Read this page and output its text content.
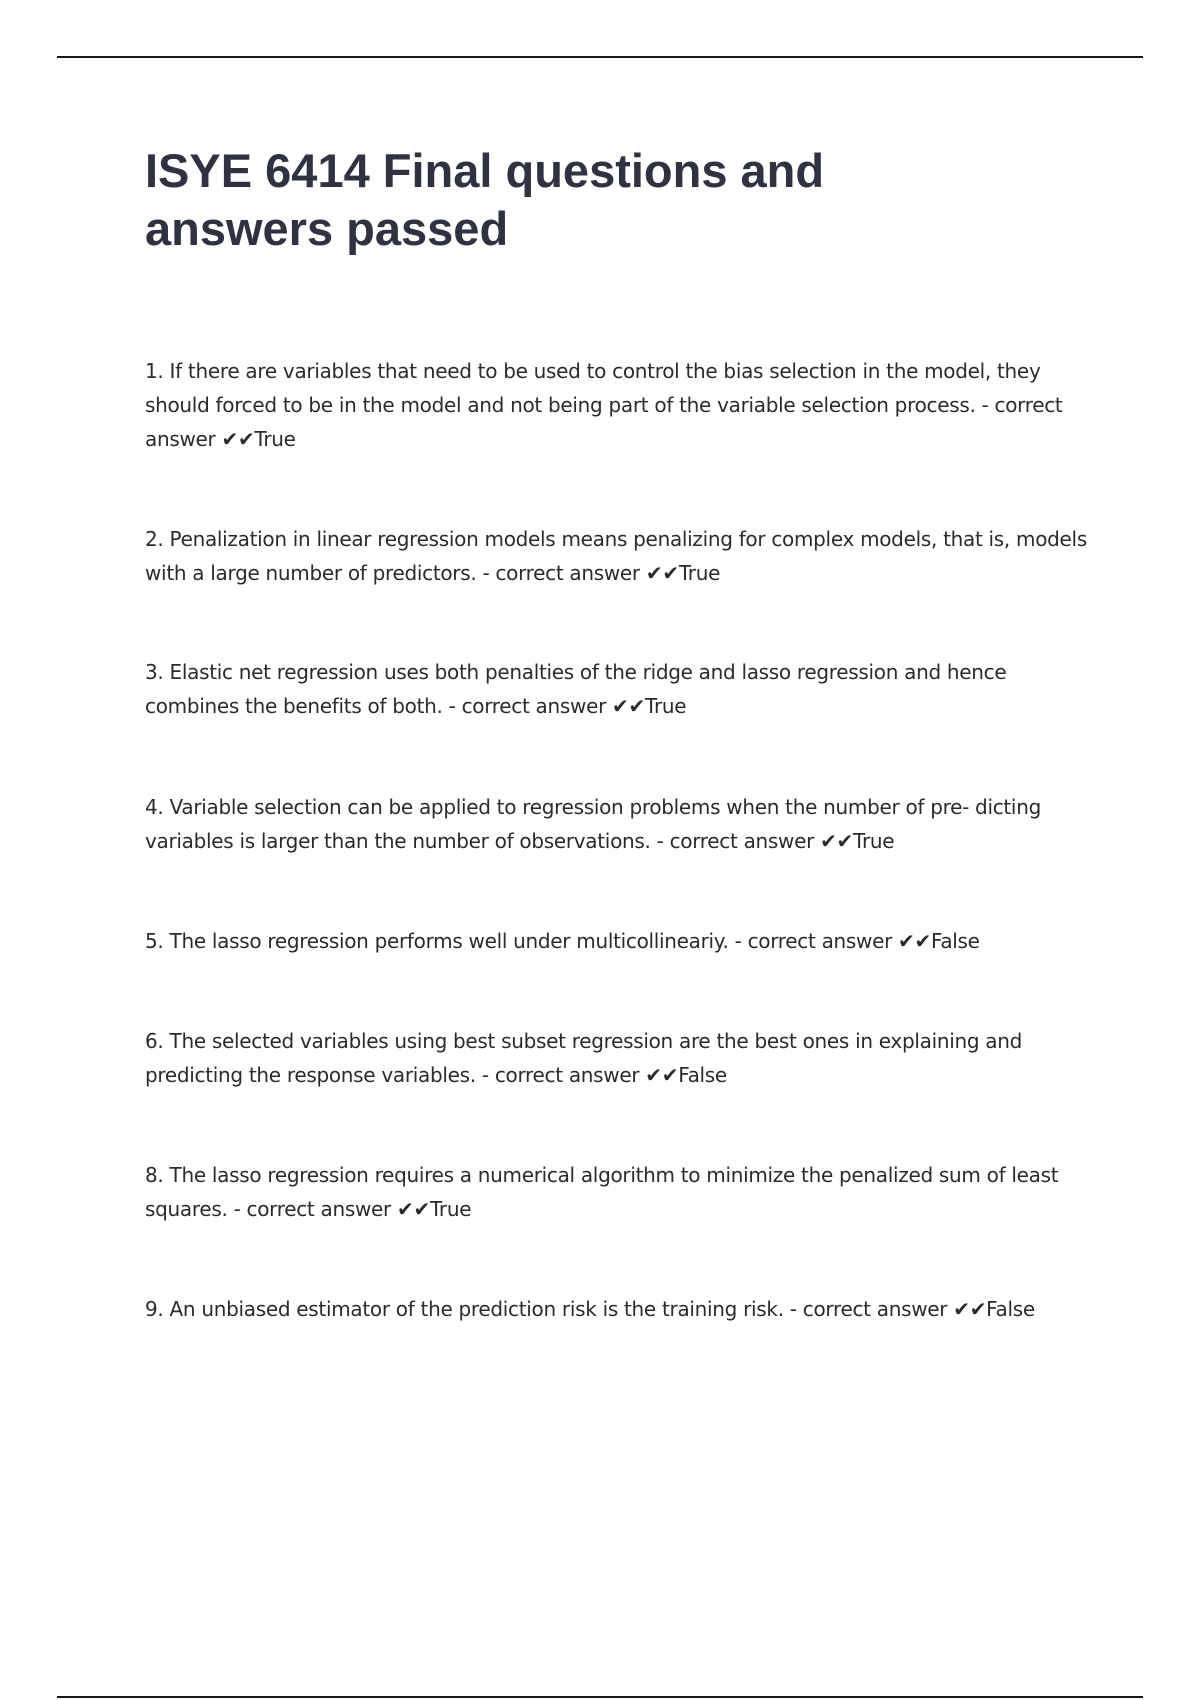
ISYE 6414 Final questions and answers passed

1. If there are variables that need to be used to control the bias selection in the model, they should forced to be in the model and not being part of the variable selection process. - correct answer ✔✔True

2. Penalization in linear regression models means penalizing for complex models, that is, models with a large number of predictors. - correct answer ✔✔True

3. Elastic net regression uses both penalties of the ridge and lasso regression and hence combines the benefits of both. - correct answer ✔✔True

4. Variable selection can be applied to regression problems when the number of pre- dicting variables is larger than the number of observations. - correct answer ✔✔True

5. The lasso regression performs well under multicollineariy. - correct answer ✔✔False

6. The selected variables using best subset regression are the best ones in explaining and predicting the response variables. - correct answer ✔✔False

8. The lasso regression requires a numerical algorithm to minimize the penalized sum of least squares. - correct answer ✔✔True

9. An unbiased estimator of the prediction risk is the training risk. - correct answer ✔✔False
